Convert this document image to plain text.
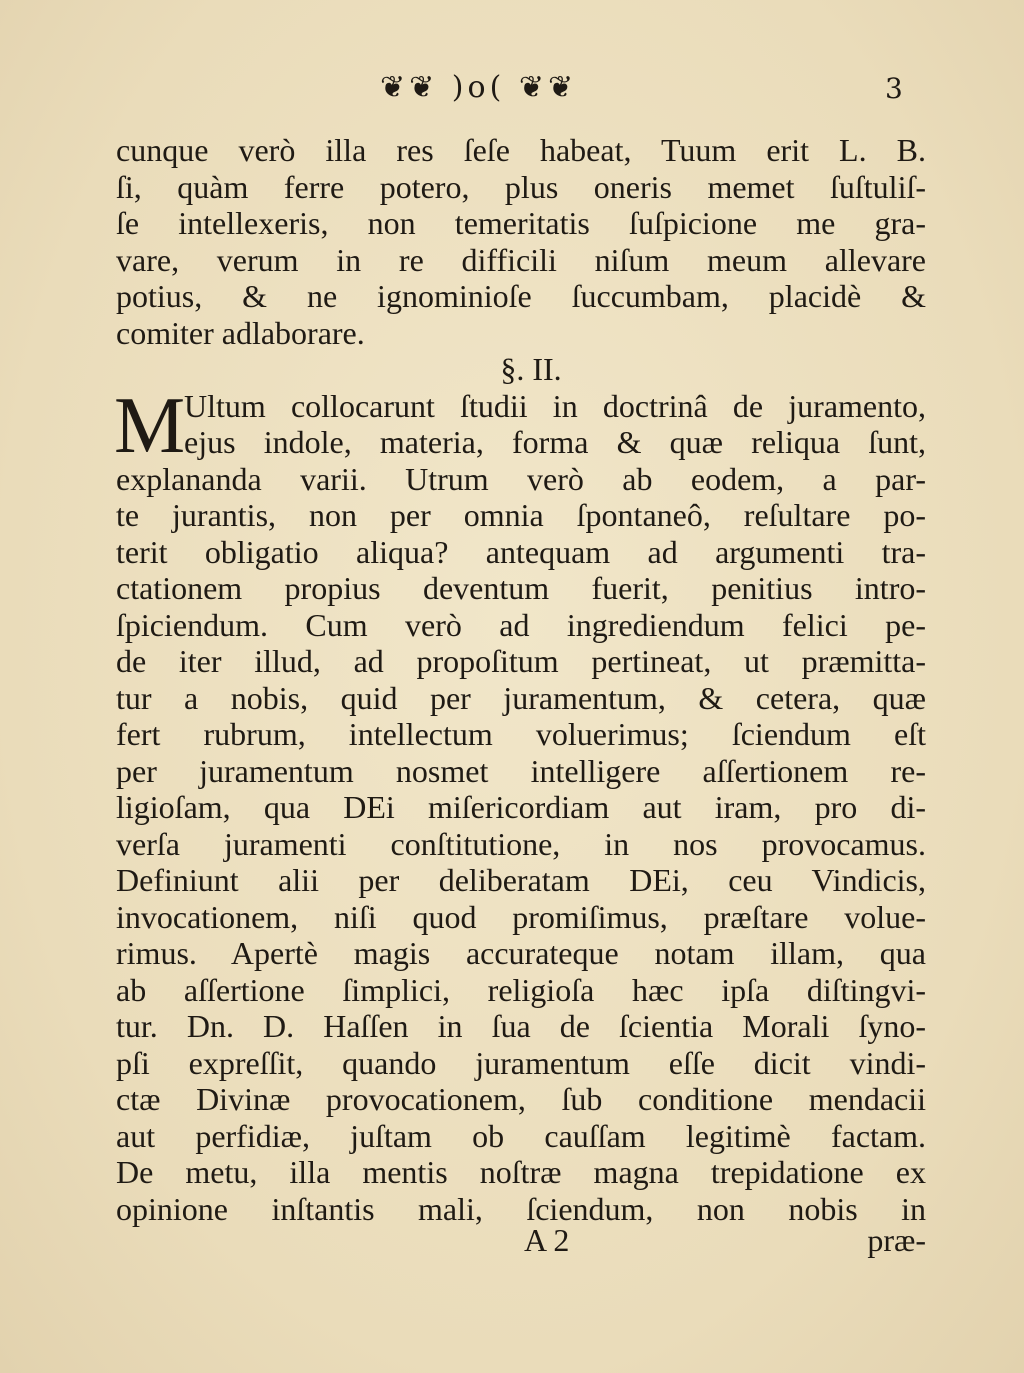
❦❦ )o( ❦❦	3
cunque verò illa res ſeſe habeat, Tuum erit L. B.
ſi, quàm ferre potero, plus oneris memet ſuſtuliſ-
ſe intellexeris, non temeritatis ſuſpicione me gra-
vare, verum in re difficili niſum meum allevare
potius, & ne ignominioſe ſuccumbam, placidè &
comiter adlaborare.
§. II.
M
Ultum collocarunt ſtudii in doctrinâ de juramento,
ejus indole, materia, forma & quæ reliqua ſunt,
explananda varii. Utrum verò ab eodem, a par-
te jurantis, non per omnia ſpontaneô, reſultare po-
terit obligatio aliqua? antequam ad argumenti tra-
ctationem propius deventum fuerit, penitius intro-
ſpiciendum. Cum verò ad ingrediendum felici pe-
de iter illud, ad propoſitum pertineat, ut præmitta-
tur a nobis, quid per juramentum, & cetera, quæ
fert rubrum, intellectum voluerimus; ſciendum eſt
per juramentum nosmet intelligere aſſertionem re-
ligioſam, qua DEi miſericordiam aut iram, pro di-
verſa juramenti conſtitutione, in nos provocamus.
Definiunt alii per deliberatam DEi, ceu Vindicis,
invocationem, niſi quod promiſimus, præſtare volue-
rimus. Apertè magis accurateque notam illam, qua
ab aſſertione ſimplici, religioſa hæc ipſa diſtingvi-
tur. Dn. D. Haſſen in ſua de ſcientia Morali ſyno-
pſi expreſſit, quando juramentum eſſe dicit vindi-
ctæ Divinæ provocationem, ſub conditione mendacii
aut perfidiæ, juſtam ob cauſſam legitimè factam.
De metu, illa mentis noſtræ magna trepidatione ex
opinione inſtantis mali, ſciendum, non nobis in
A 2	præ-
